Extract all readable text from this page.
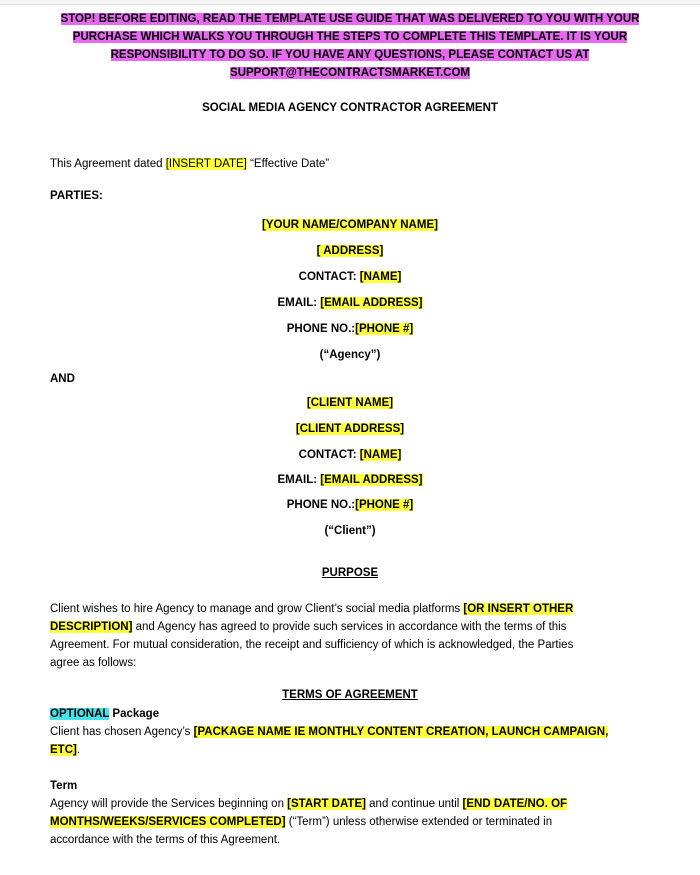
STOP! BEFORE EDITING, READ THE TEMPLATE USE GUIDE THAT WAS DELIVERED TO YOU WITH YOUR
PURCHASE WHICH WALKS YOU THROUGH THE STEPS TO COMPLETE THIS TEMPLATE. IT IS YOUR
RESPONSIBILITY TO DO SO. IF YOU HAVE ANY QUESTIONS, PLEASE CONTACT US AT
SUPPORT@THECONTRACTSMARKET.COM
SOCIAL MEDIA AGENCY CONTRACTOR AGREEMENT
This Agreement dated [INSERT DATE] “Effective Date”
PARTIES:
[YOUR NAME/COMPANY NAME]
[ ADDRESS]
CONTACT: [NAME]
EMAIL: [EMAIL ADDRESS]
PHONE NO.:[PHONE #]
(“Agency”)
AND
[CLIENT NAME]
[CLIENT ADDRESS]
CONTACT: [NAME]
EMAIL: [EMAIL ADDRESS]
PHONE NO.:[PHONE #]
(“Client”)
PURPOSE
Client wishes to hire Agency to manage and grow Client’s social media platforms [OR INSERT OTHER
DESCRIPTION] and Agency has agreed to provide such services in accordance with the terms of this
Agreement. For mutual consideration, the receipt and sufficiency of which is acknowledged, the Parties
agree as follows:
TERMS OF AGREEMENT
OPTIONAL Package
Client has chosen Agency’s [PACKAGE NAME IE MONTHLY CONTENT CREATION, LAUNCH CAMPAIGN,
ETC].
Term
Agency will provide the Services beginning on [START DATE] and continue until [END DATE/NO. OF
MONTHS/WEEKS/SERVICES COMPLETED] (“Term”) unless otherwise extended or terminated in
accordance with the terms of this Agreement.
